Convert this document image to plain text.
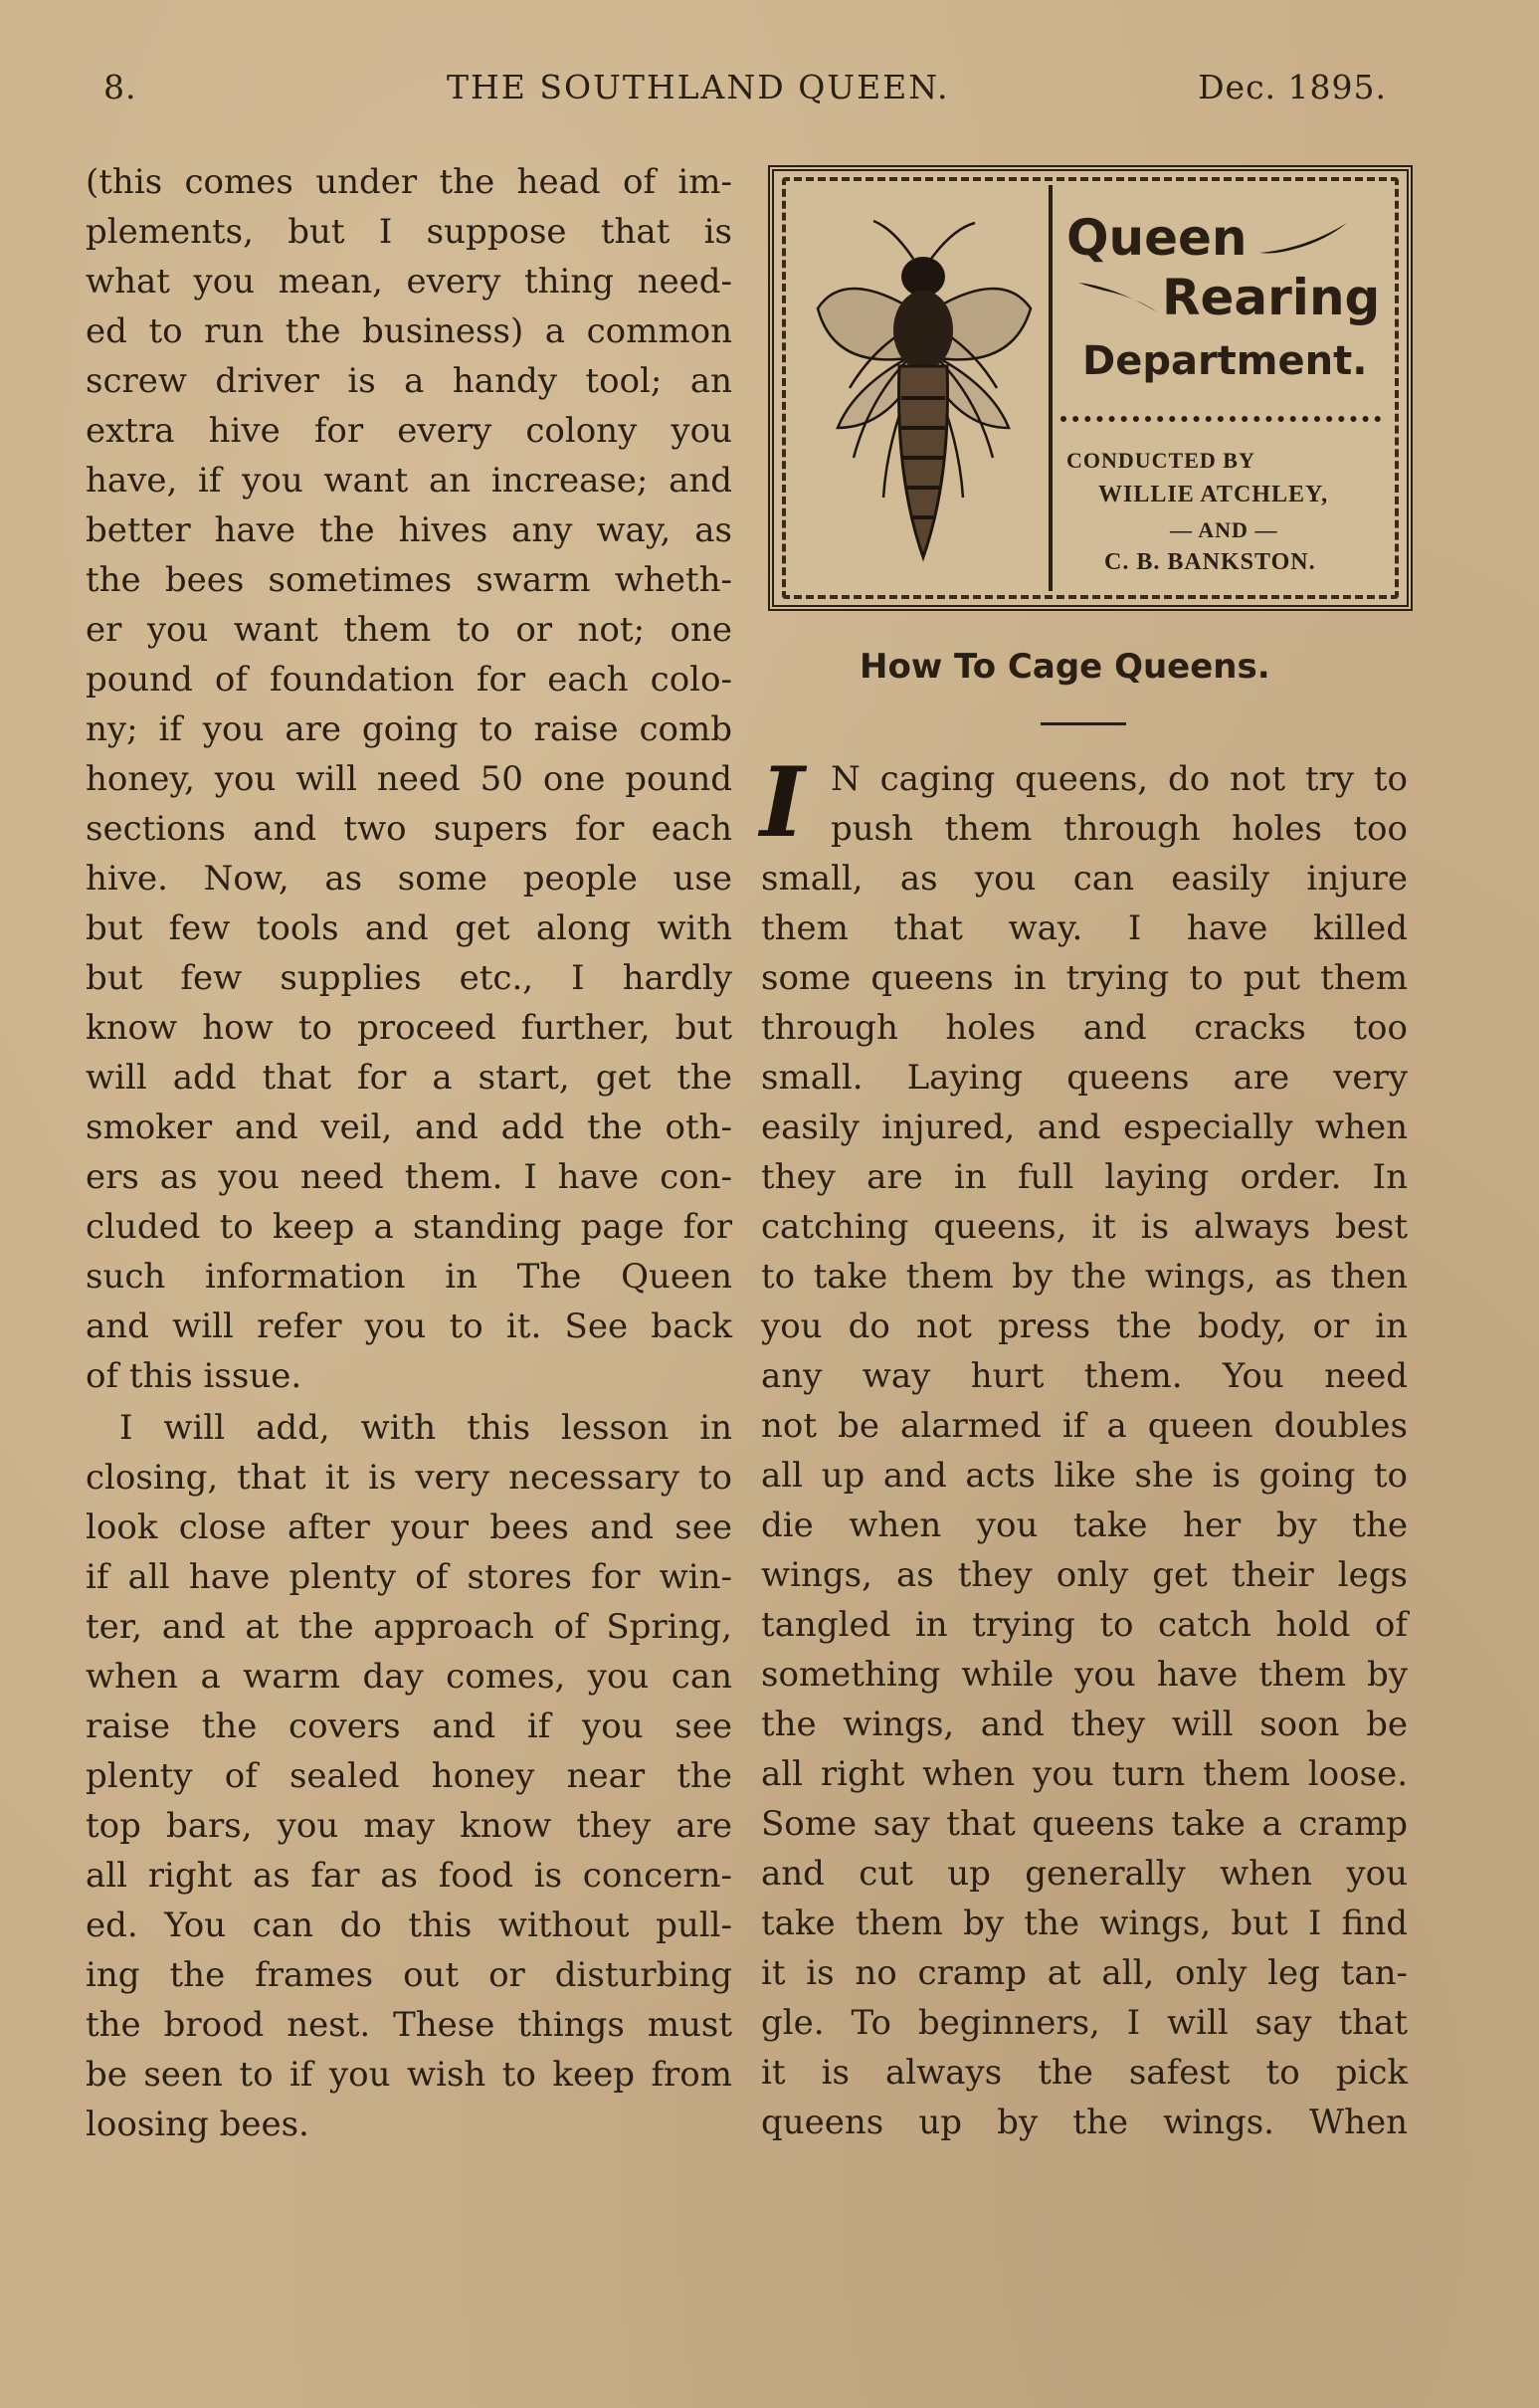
8.	THE SOUTHLAND QUEEN.	Dec. 1895.
(this comes under the head of im-
plements, but I suppose that is
what you mean, every thing need-
ed to run the business) a common
screw driver is a handy tool; an
extra hive for every colony you
have, if you want an increase; and
better have the hives any way, as
the bees sometimes swarm wheth-
er you want them to or not; one
pound of foundation for each colo-
ny; if you are going to raise comb
honey, you will need 50 one pound
sections and two supers for each
hive. Now, as some people use
but few tools and get along with
but few supplies etc., I hardly
know how to proceed further, but
will add that for a start, get the
smoker and veil, and add the oth-
ers as you need them. I have con-
cluded to keep a standing page for
such information in The Queen
and will refer you to it. See back
of this issue.
I will add, with this lesson in
closing, that it is very necessary to
look close after your bees and see
if all have plenty of stores for win-
ter, and at the approach of Spring,
when a warm day comes, you can
raise the covers and if you see
plenty of sealed honey near the
top bars, you may know they are
all right as far as food is concern-
ed. You can do this without pull-
ing the frames out or disturbing
the brood nest. These things must
be seen to if you wish to keep from
loosing bees.
Queen
Rearing
Department.
CONDUCTED BY
WILLIE ATCHLEY,
— AND —
C. B. BANKSTON.
How To Cage Queens.
I N caging queens, do not try to
push them through holes too
small, as you can easily injure
them that way. I have killed
some queens in trying to put them
through holes and cracks too
small. Laying queens are very
easily injured, and especially when
they are in full laying order. In
catching queens, it is always best
to take them by the wings, as then
you do not press the body, or in
any way hurt them. You need
not be alarmed if a queen doubles
all up and acts like she is going to
die when you take her by the
wings, as they only get their legs
tangled in trying to catch hold of
something while you have them by
the wings, and they will soon be
all right when you turn them loose.
Some say that queens take a cramp
and cut up generally when you
take them by the wings, but I find
it is no cramp at all, only leg tan-
gle. To beginners, I will say that
it is always the safest to pick
queens up by the wings. When
